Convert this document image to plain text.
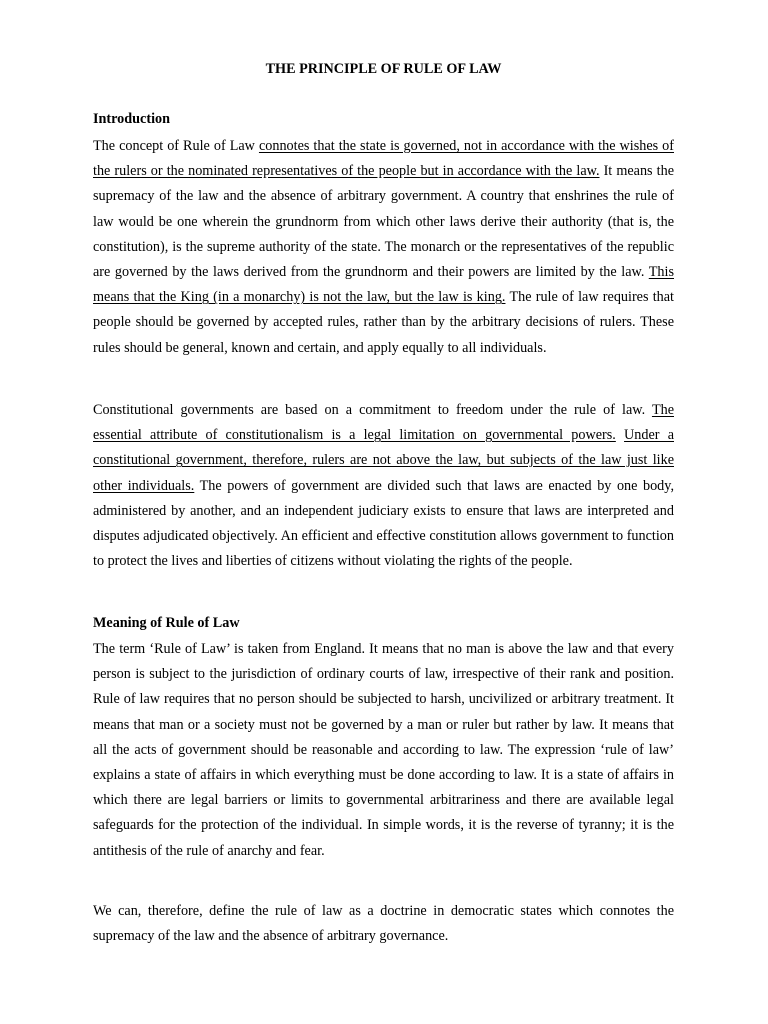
THE PRINCIPLE OF RULE OF LAW
Introduction

The concept of Rule of Law connotes that the state is governed, not in accordance with the wishes of the rulers or the nominated representatives of the people but in accordance with the law. It means the supremacy of the law and the absence of arbitrary government. A country that enshrines the rule of law would be one wherein the grundnorm from which other laws derive their authority (that is, the constitution), is the supreme authority of the state. The monarch or the representatives of the republic are governed by the laws derived from the grundnorm and their powers are limited by the law. This means that the King (in a monarchy) is not the law, but the law is king. The rule of law requires that people should be governed by accepted rules, rather than by the arbitrary decisions of rulers. These rules should be general, known and certain, and apply equally to all individuals.

Constitutional governments are based on a commitment to freedom under the rule of law. The essential attribute of constitutionalism is a legal limitation on governmental powers. Under a constitutional government, therefore, rulers are not above the law, but subjects of the law just like other individuals. The powers of government are divided such that laws are enacted by one body, administered by another, and an independent judiciary exists to ensure that laws are interpreted and disputes adjudicated objectively. An efficient and effective constitution allows government to function to protect the lives and liberties of citizens without violating the rights of the people.

Meaning of Rule of Law

The term ‘Rule of Law’ is taken from England. It means that no man is above the law and that every person is subject to the jurisdiction of ordinary courts of law, irrespective of their rank and position. Rule of law requires that no person should be subjected to harsh, uncivilized or arbitrary treatment. It means that man or a society must not be governed by a man or ruler but rather by law. It means that all the acts of government should be reasonable and according to law. The expression ‘rule of law’ explains a state of affairs in which everything must be done according to law. It is a state of affairs in which there are legal barriers or limits to governmental arbitrariness and there are available legal safeguards for the protection of the individual. In simple words, it is the reverse of tyranny; it is the antithesis of the rule of anarchy and fear.

We can, therefore, define the rule of law as a doctrine in democratic states which connotes the supremacy of the law and the absence of arbitrary governance.
